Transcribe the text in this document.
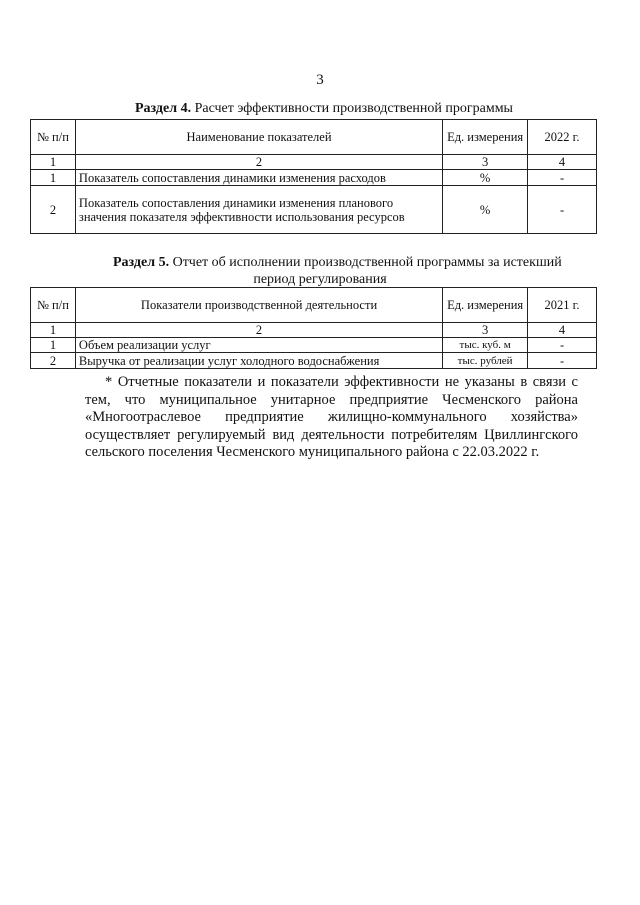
3
Раздел 4. Расчет эффективности производственной программы
№ п/п	Наименование показателей	Ед. измерения	2022 г.
1	2	3	4
1	Показатель сопоставления динамики изменения расходов	%	-
2	Показатель сопоставления динамики изменения планового значения показателя эффективности использования ресурсов	%	-
Раздел 5. Отчет об исполнении производственной программы за истекший
период регулирования
№ п/п	Показатели производственной деятельности	Ед. измерения	2021 г.
1	2	3	4
1	Объем реализации услуг	тыс. куб. м	-
2	Выручка от реализации услуг холодного водоснабжения	тыс. рублей	-

* Отчетные показатели и показатели эффективности не указаны в связи с тем, что муниципальное унитарное предприятие Чесменского района «Многоотраслевое предприятие жилищно-коммунального хозяйства» осуществляет регулируемый вид деятельности потребителям Цвиллингского сельского поселения Чесменского муниципального района с 22.03.2022 г.
